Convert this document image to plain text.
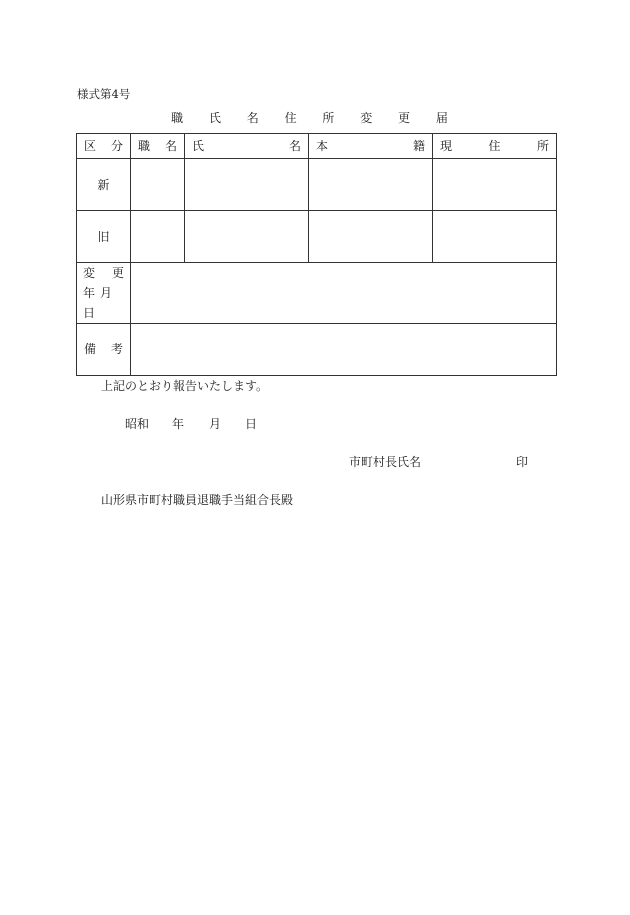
様式第4号
職 氏 名 住 所 変 更 届
区 分	職 名	氏 名	本 籍	現 住 所

新				
旧				

変 更
年月日				

備 考				

上記のとおり報告いたします。
昭和 年 月 日
市町村長氏名	印
山形県市町村職員退職手当組合長殿
